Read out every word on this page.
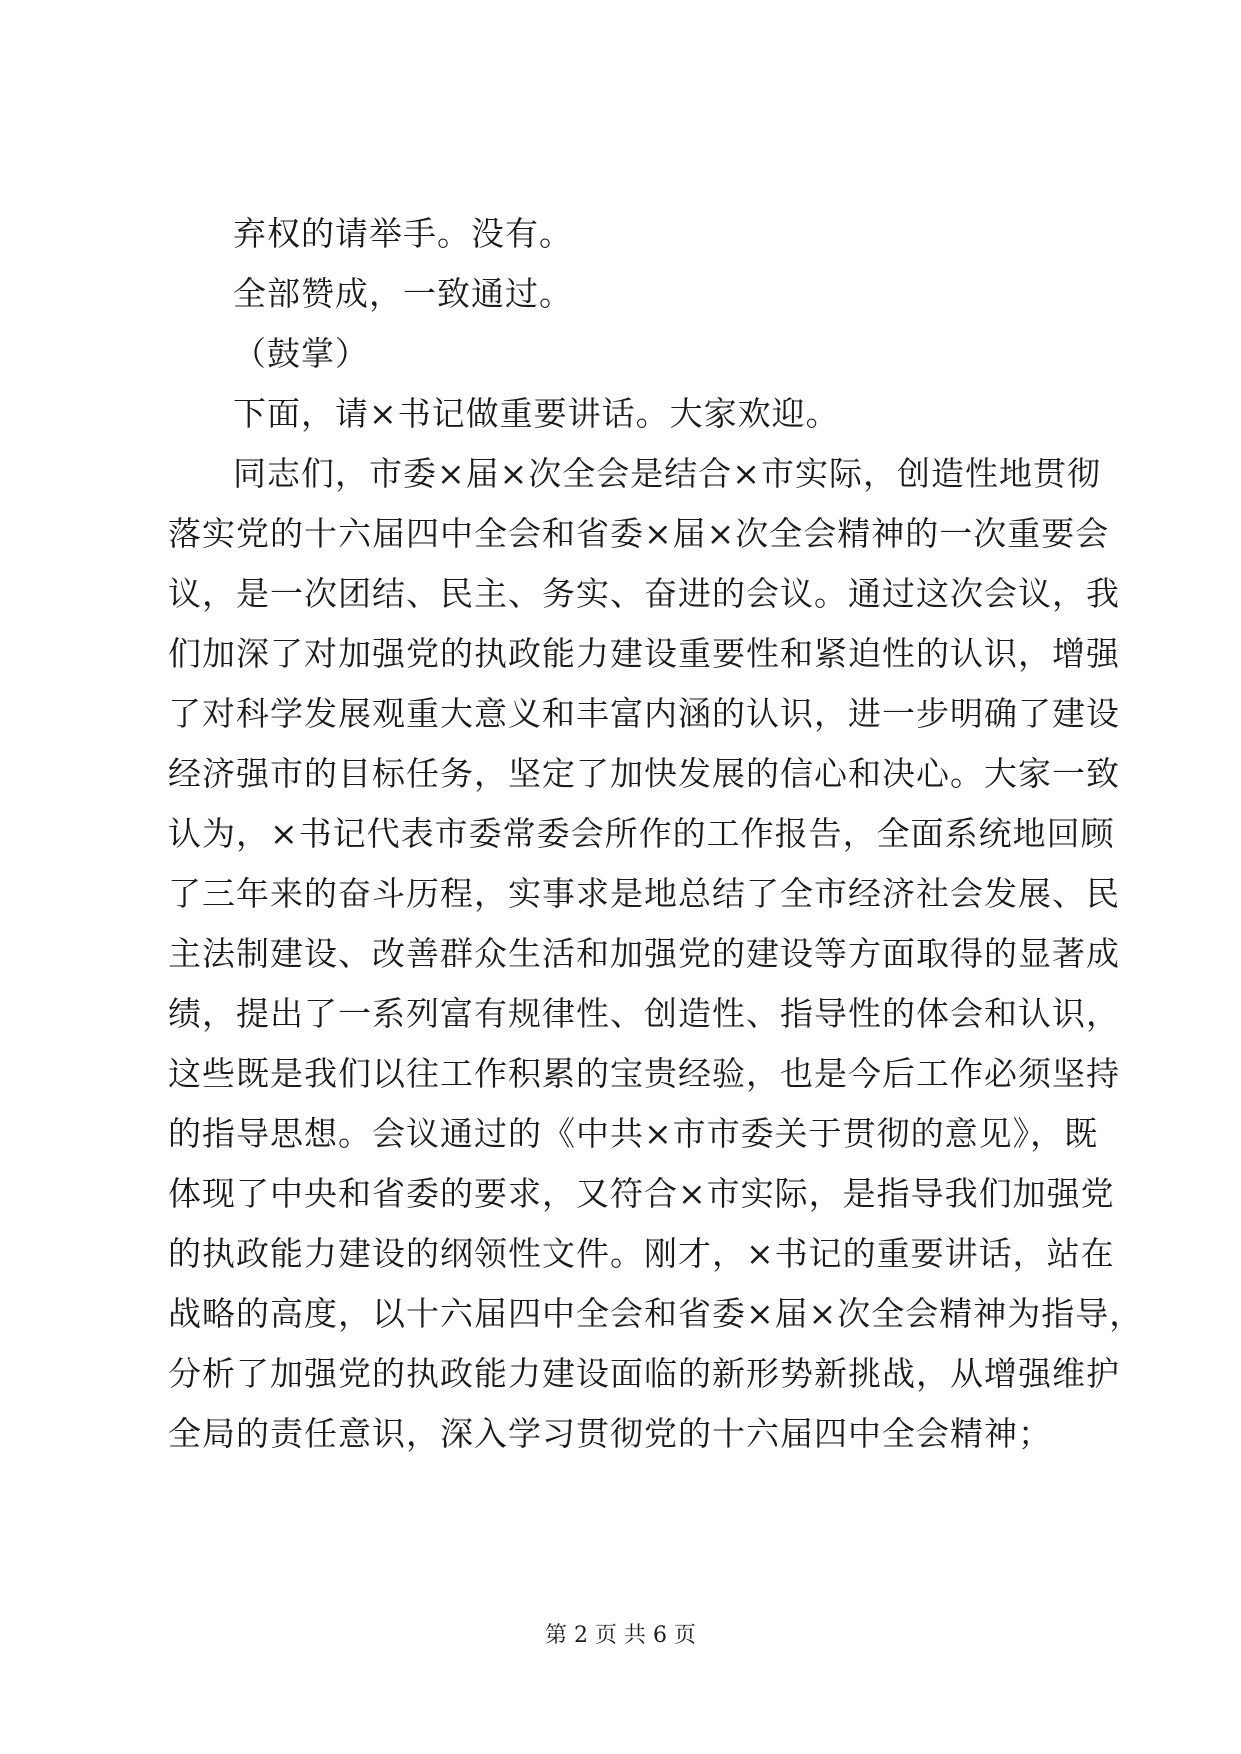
弃权的请举手。没有。
全部赞成，一致通过。
（鼓掌）
下面，请×书记做重要讲话。大家欢迎。
同志们，市委×届×次全会是结合×市实际，创造性地贯彻
落实党的十六届四中全会和省委×届×次全会精神的一次重要会
议，是一次团结、民主、务实、奋进的会议。通过这次会议，我
们加深了对加强党的执政能力建设重要性和紧迫性的认识，增强
了对科学发展观重大意义和丰富内涵的认识，进一步明确了建设
经济强市的目标任务，坚定了加快发展的信心和决心。大家一致
认为，×书记代表市委常委会所作的工作报告，全面系统地回顾
了三年来的奋斗历程，实事求是地总结了全市经济社会发展、民
主法制建设、改善群众生活和加强党的建设等方面取得的显著成
绩，提出了一系列富有规律性、创造性、指导性的体会和认识，
这些既是我们以往工作积累的宝贵经验，也是今后工作必须坚持
的指导思想。会议通过的《中共×市市委关于贯彻的意见》，既
体现了中央和省委的要求，又符合×市实际，是指导我们加强党
的执政能力建设的纲领性文件。刚才，×书记的重要讲话，站在
战略的高度，以十六届四中全会和省委×届×次全会精神为指导，
分析了加强党的执政能力建设面临的新形势新挑战，从增强维护
全局的责任意识，深入学习贯彻党的十六届四中全会精神；
第 2 页 共 6 页
